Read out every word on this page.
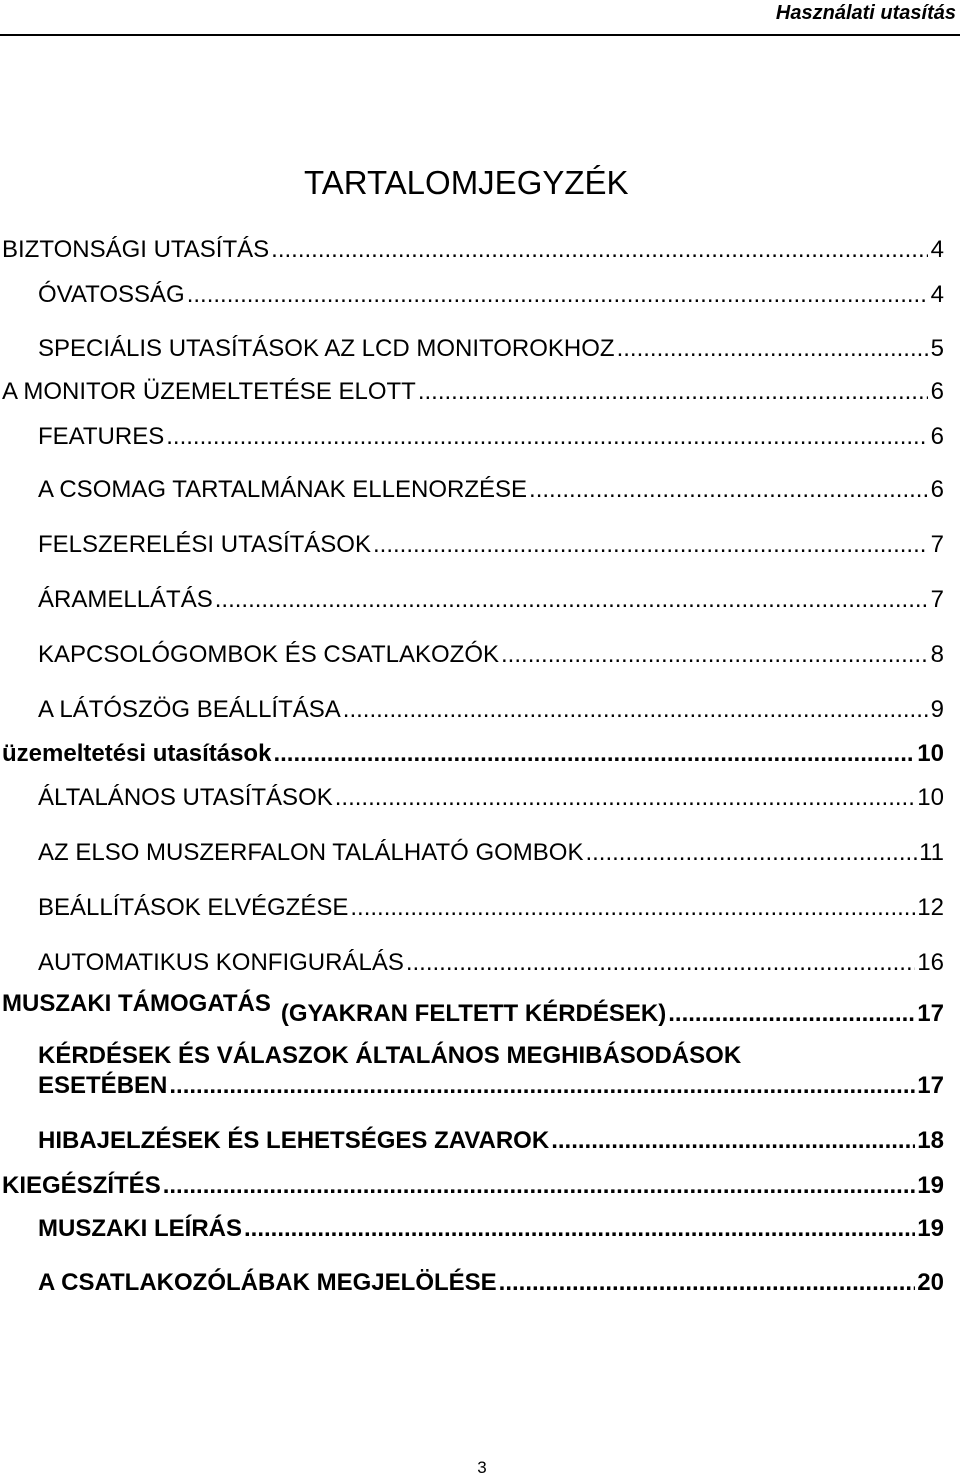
Használati utasítás
TARTALOMJEGYZÉK
BIZTONSÁGI UTASÍTÁS .....	4
ÓVATOSSÁG .....	4
SPECIÁLIS UTASÍTÁSOK AZ LCD MONITOROKHOZ .....	5
A MONITOR ÜZEMELTETÉSE ELOTT .....	6
FEATURES .....	6
A CSOMAG TARTALMÁNAK ELLENORZÉSE .....	6
FELSZERELÉSI UTASÍTÁSOK .....	7
ÁRAMELLÁTÁS .....	7
KAPCSOLÓGOMBOK ÉS CSATLAKOZÓK .....	8
A LÁTÓSZÖG BEÁLLÍTÁSA .....	9
üzemeltetési utasítások .....	10
ÁLTALÁNOS UTASÍTÁSOK .....	10
AZ ELSO MUSZERFALON TALÁLHATÓ GOMBOK .....	11
BEÁLLÍTÁSOK ELVÉGZÉSE .....	12
AUTOMATIKUS KONFIGURÁLÁS .....	16
MUSZAKI TÁMOGATÁS (GYAKRAN FELTETT KÉRDÉSEK) .....	17
KÉRDÉSEK ÉS VÁLASZOK ÁLTALÁNOS MEGHIBÁSODÁSOK
ESETÉBEN .....	17
HIBAJELZÉSEK ÉS LEHETSÉGES ZAVAROK .....	18
KIEGÉSZÍTÉS .....	19
MUSZAKI LEÍRÁS .....	19
A CSATLAKOZÓLÁBAK MEGJELÖLÉSE .....	20
3
